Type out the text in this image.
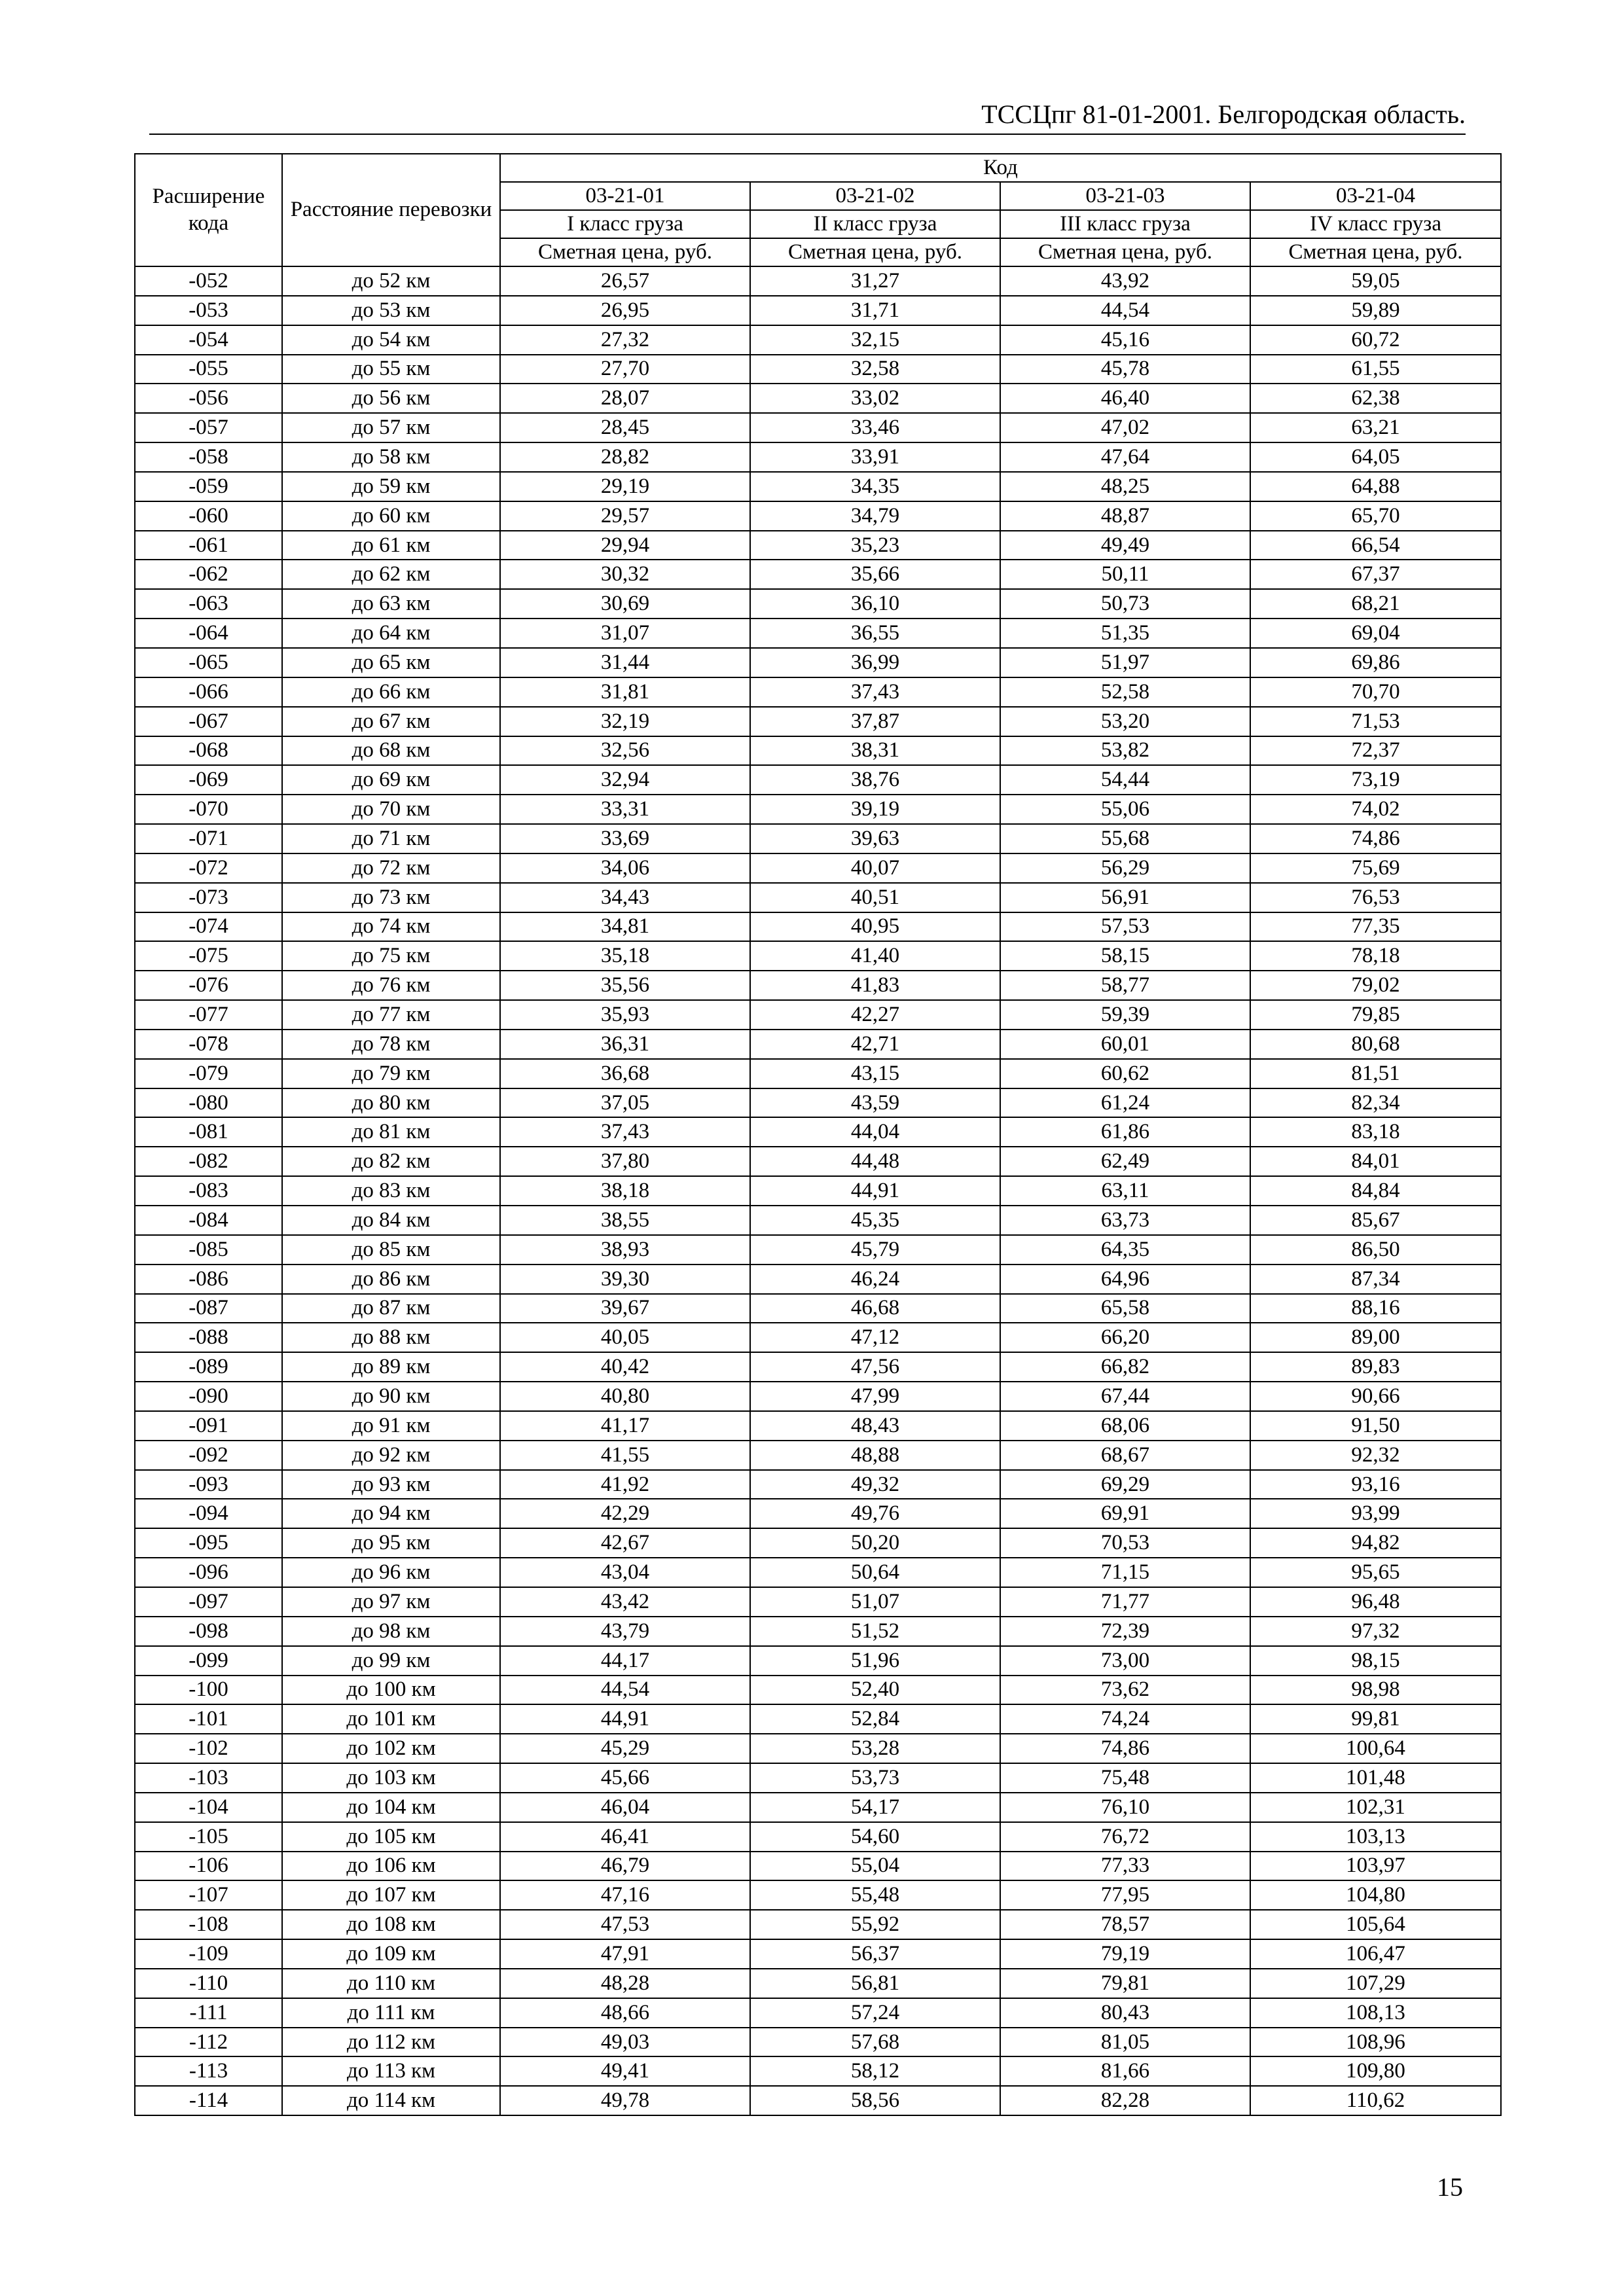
ТССЦпг 81-01-2001. Белгородская область.
Расширение кода	Расстояние перевозки	Код			
		03-21-01	03-21-02	03-21-03	03-21-04
		I класс груза	II класс груза	III класс груза	IV класс груза
		Сметная цена, руб.	Сметная цена, руб.	Сметная цена, руб.	Сметная цена, руб.
-052	до 52 км	26,57	31,27	43,92	59,05
-053	до 53 км	26,95	31,71	44,54	59,89
-054	до 54 км	27,32	32,15	45,16	60,72
-055	до 55 км	27,70	32,58	45,78	61,55
-056	до 56 км	28,07	33,02	46,40	62,38
-057	до 57 км	28,45	33,46	47,02	63,21
-058	до 58 км	28,82	33,91	47,64	64,05
-059	до 59 км	29,19	34,35	48,25	64,88
-060	до 60 км	29,57	34,79	48,87	65,70
-061	до 61 км	29,94	35,23	49,49	66,54
-062	до 62 км	30,32	35,66	50,11	67,37
-063	до 63 км	30,69	36,10	50,73	68,21
-064	до 64 км	31,07	36,55	51,35	69,04
-065	до 65 км	31,44	36,99	51,97	69,86
-066	до 66 км	31,81	37,43	52,58	70,70
-067	до 67 км	32,19	37,87	53,20	71,53
-068	до 68 км	32,56	38,31	53,82	72,37
-069	до 69 км	32,94	38,76	54,44	73,19
-070	до 70 км	33,31	39,19	55,06	74,02
-071	до 71 км	33,69	39,63	55,68	74,86
-072	до 72 км	34,06	40,07	56,29	75,69
-073	до 73 км	34,43	40,51	56,91	76,53
-074	до 74 км	34,81	40,95	57,53	77,35
-075	до 75 км	35,18	41,40	58,15	78,18
-076	до 76 км	35,56	41,83	58,77	79,02
-077	до 77 км	35,93	42,27	59,39	79,85
-078	до 78 км	36,31	42,71	60,01	80,68
-079	до 79 км	36,68	43,15	60,62	81,51
-080	до 80 км	37,05	43,59	61,24	82,34
-081	до 81 км	37,43	44,04	61,86	83,18
-082	до 82 км	37,80	44,48	62,49	84,01
-083	до 83 км	38,18	44,91	63,11	84,84
-084	до 84 км	38,55	45,35	63,73	85,67
-085	до 85 км	38,93	45,79	64,35	86,50
-086	до 86 км	39,30	46,24	64,96	87,34
-087	до 87 км	39,67	46,68	65,58	88,16
-088	до 88 км	40,05	47,12	66,20	89,00
-089	до 89 км	40,42	47,56	66,82	89,83
-090	до 90 км	40,80	47,99	67,44	90,66
-091	до 91 км	41,17	48,43	68,06	91,50
-092	до 92 км	41,55	48,88	68,67	92,32
-093	до 93 км	41,92	49,32	69,29	93,16
-094	до 94 км	42,29	49,76	69,91	93,99
-095	до 95 км	42,67	50,20	70,53	94,82
-096	до 96 км	43,04	50,64	71,15	95,65
-097	до 97 км	43,42	51,07	71,77	96,48
-098	до 98 км	43,79	51,52	72,39	97,32
-099	до 99 км	44,17	51,96	73,00	98,15
-100	до 100 км	44,54	52,40	73,62	98,98
-101	до 101 км	44,91	52,84	74,24	99,81
-102	до 102 км	45,29	53,28	74,86	100,64
-103	до 103 км	45,66	53,73	75,48	101,48
-104	до 104 км	46,04	54,17	76,10	102,31
-105	до 105 км	46,41	54,60	76,72	103,13
-106	до 106 км	46,79	55,04	77,33	103,97
-107	до 107 км	47,16	55,48	77,95	104,80
-108	до 108 км	47,53	55,92	78,57	105,64
-109	до 109 км	47,91	56,37	79,19	106,47
-110	до 110 км	48,28	56,81	79,81	107,29
-111	до 111 км	48,66	57,24	80,43	108,13
-112	до 112 км	49,03	57,68	81,05	108,96
-113	до 113 км	49,41	58,12	81,66	109,80
-114	до 114 км	49,78	58,56	82,28	110,62
15
